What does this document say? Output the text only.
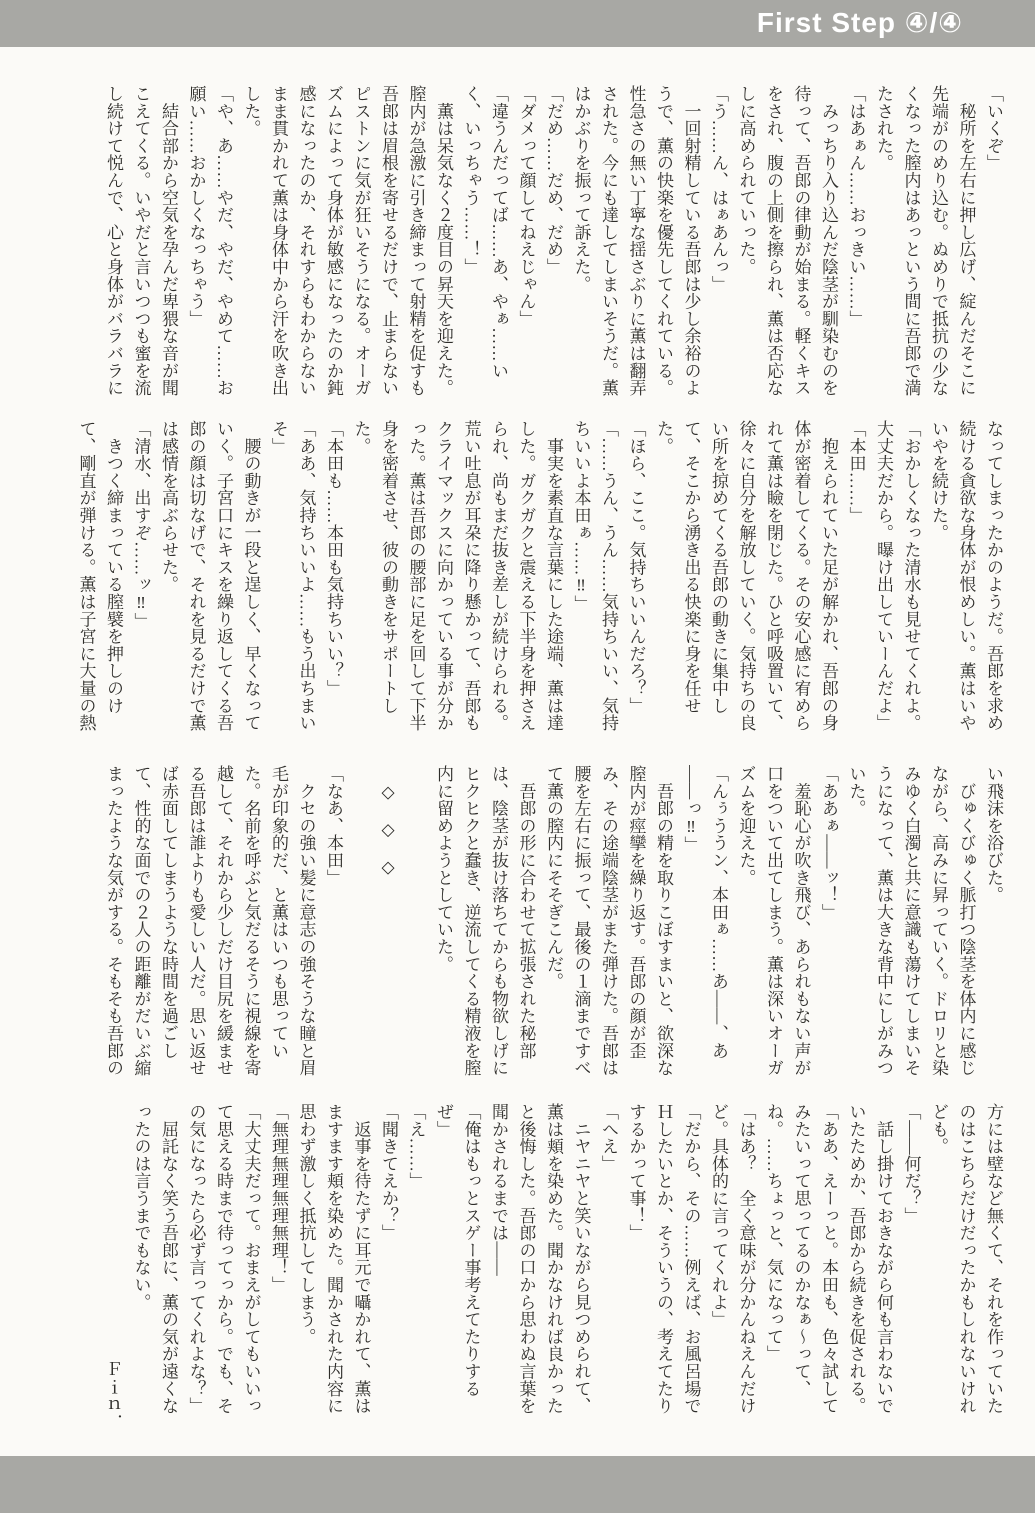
First Step ④/④
「いくぞ」
　秘所を左右に押し広げ、綻んだそこに
先端がのめり込む。ぬめりで抵抗の少な
くなった膣内はあっという間に吾郎で満
たされた。
「はあぁん……おっきい……」
　みっちり入り込んだ陰茎が馴染むのを
待って、吾郎の律動が始まる。軽くキス
をされ、腹の上側を擦られ、薫は否応な
しに高められていった。
「う……ん、はぁあんっ」
　一回射精している吾郎は少し余裕のよ
うで、薫の快楽を優先してくれている。
性急さの無い丁寧な揺さぶりに薫は翻弄
された。今にも達してしまいそうだ。薫
はかぶりを振って訴えた。
「だめ……だめ、だめ」
「ダメって顔してねえじゃん」
「違うんだってば……あ、やぁ……い
く、いっちゃう……！」
　薫は呆気なく２度目の昇天を迎えた。
膣内が急激に引き締まって射精を促すも
吾郎は眉根を寄せるだけで、止まらない
ピストンに気が狂いそうになる。オーガ
ズムによって身体が敏感になったのか鈍
感になったのか、それすらもわからない
まま貫かれて薫は身体中から汗を吹き出
した。
「や、あ……やだ、やだ、やめて……お
願い……おかしくなっちゃう」
　結合部から空気を孕んだ卑猥な音が聞
こえてくる。いやだと言いつつも蜜を流
し続けて悦んで、心と身体がバラバラに
なってしまったかのようだ。吾郎を求め
続ける貪欲な身体が恨めしい。薫はいや
いやを続けた。
「おかしくなった清水も見せてくれよ。
大丈夫だから。曝け出していーんだよ」
「本田……」
　抱えられていた足が解かれ、吾郎の身
体が密着してくる。その安心感に宥めら
れて薫は瞼を閉じた。ひと呼吸置いて、
徐々に自分を解放していく。気持ちの良
い所を掠めてくる吾郎の動きに集中し
て、そこから湧き出る快楽に身を任せ
た。
「ほら、ここ。気持ちいいんだろ？」
「……うん、うん……気持ちいい、気持
ちいいよ本田ぁ……‼」
　事実を素直な言葉にした途端、薫は達
した。ガクガクと震える下半身を押さえ
られ、尚もまだ抜き差しが続けられる。
荒い吐息が耳朶に降り懸かって、吾郎も
クライマックスに向かっている事が分か
った。薫は吾郎の腰部に足を回して下半
身を密着させ、彼の動きをサポートし
た。
「本田も……本田も気持ちいい？」
「ああ、気持ちいいよ……もう出ちまい
そ」
　腰の動きが一段と逞しく、早くなって
いく。子宮口にキスを繰り返してくる吾
郎の顔は切なげで、それを見るだけで薫
は感情を高ぶらせた。
「清水、出すぞ……ッ‼」
　きつく締まっている膣襞を押しのけ
て、剛直が弾ける。薫は子宮に大量の熱
い飛沫を浴びた。
　びゅくびゅく脈打つ陰茎を体内に感じ
ながら、高みに昇っていく。ドロリと染
みゆく白濁と共に意識も蕩けてしまいそ
うになって、薫は大きな背中にしがみつ
いた。
「ああぁ――ッ！」
　羞恥心が吹き飛び、あられもない声が
口をついて出てしまう。薫は深いオーガ
ズムを迎えた。
「んぅううン、本田ぁ……あ――、あ
――っ‼」
　吾郎の精を取りこぼすまいと、欲深な
膣内が痙攣を繰り返す。吾郎の顔が歪
み、その途端陰茎がまた弾けた。吾郎は
腰を左右に振って、最後の１滴まですべ
て薫の膣内にそそぎこんだ。
　吾郎の形に合わせて拡張された秘部
は、陰茎が抜け落ちてからも物欲しげに
ヒクヒクと蠢き、逆流してくる精液を膣
内に留めようとしていた。

　◇　◇　◇

「なあ、本田」
　クセの強い髪に意志の強そうな瞳と眉
毛が印象的だ、と薫はいつも思ってい
た。名前を呼ぶと気だるそうに視線を寄
越して、それから少しだけ目尻を緩ませ
る吾郎は誰よりも愛しい人だ。思い返せ
ば赤面してしまうような時間を過ごし
て、性的な面での２人の距離がだいぶ縮
まったような気がする。そもそも吾郎の
方には壁など無くて、それを作っていた
のはこちらだけだったかもしれないけれ
ども。
「――何だ？」
　話し掛けておきながら何も言わないで
いたためか、吾郎から続きを促される。
「ああ、えーっと。本田も、色々試して
みたいって思ってるのかなぁ〜って、
ね。……ちょっと、気になって」
「はあ？　全く意味が分かんねえんだけ
ど。具体的に言ってくれよ」
「だから、その……例えば、お風呂場で
Ｈしたいとか、そういうの、考えてたり
するかって事！」
「へえ」
　ニヤニヤと笑いながら見つめられて、
薫は頬を染めた。聞かなければ良かった
と後悔した。吾郎の口から思わぬ言葉を
聞かされるまでは――
「俺はもっとスゲー事考えてたりする
ぜ」
「え……」
「聞きてえか？」
　返事を待たずに耳元で囁かれて、薫は
ますます頬を染めた。聞かされた内容に
思わず激しく抵抗してしまう。
「無理無理無理無理！」
「大丈夫だって。おまえがしてもいいっ
て思える時まで待ってっから。でも、そ
の気になったら必ず言ってくれよな？」
　屈託なく笑う吾郎に、薫の気が遠くな
ったのは言うまでもない。
Ｆｉｎ．
